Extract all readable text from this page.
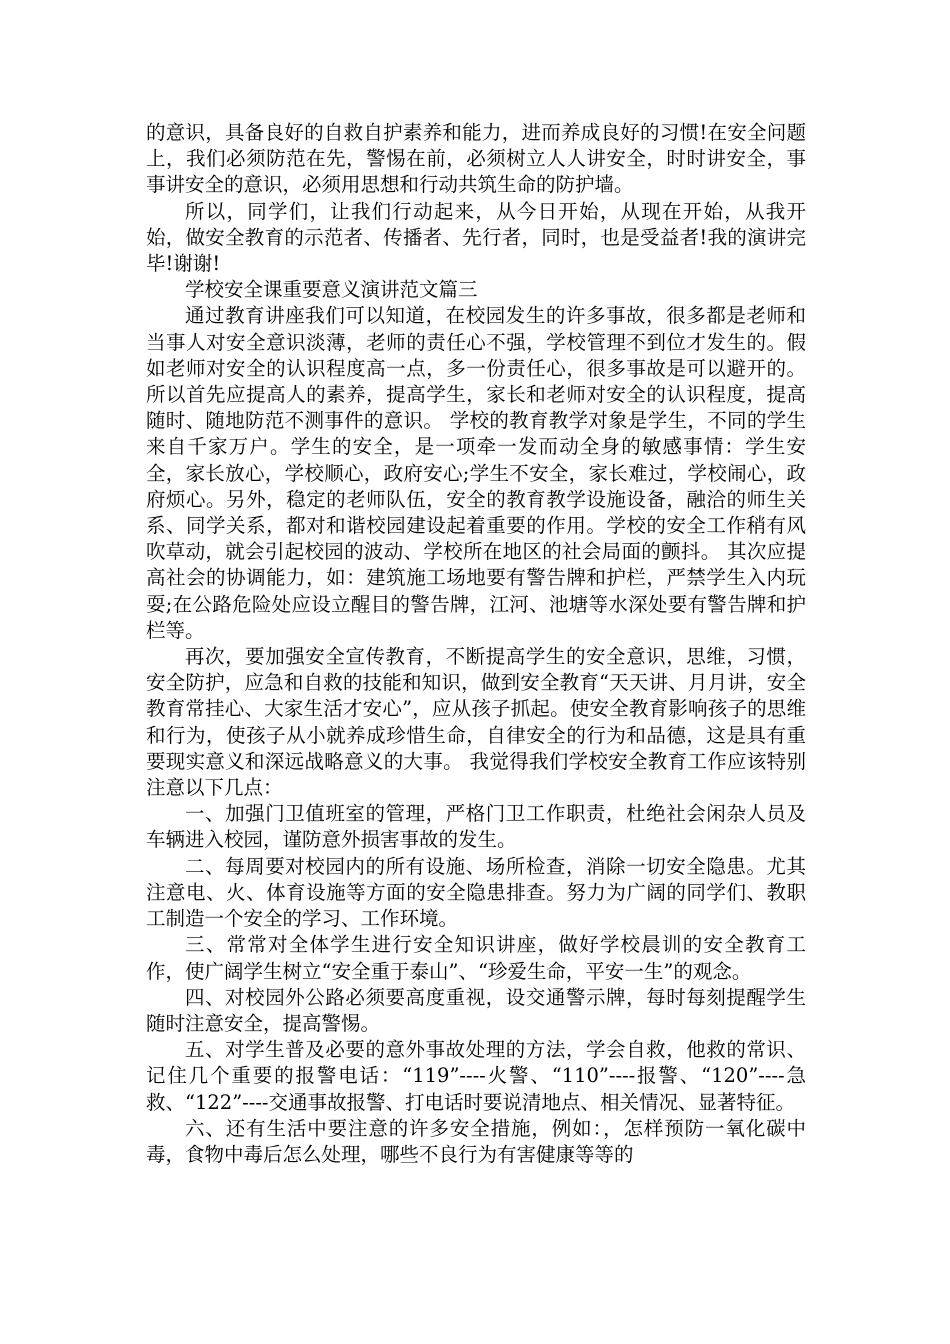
的意识，具备良好的自救自护素养和能力，进而养成良好的习惯!在安全问题上，我们必须防范在先，警惕在前，必须树立人人讲安全，时时讲安全，事事讲安全的意识，必须用思想和行动共筑生命的防护墙。

所以，同学们，让我们行动起来，从今日开始，从现在开始，从我开始，做安全教育的示范者、传播者、先行者，同时，也是受益者!我的演讲完毕!谢谢!

学校安全课重要意义演讲范文篇三

通过教育讲座我们可以知道，在校园发生的许多事故，很多都是老师和当事人对安全意识淡薄，老师的责任心不强，学校管理不到位才发生的。假如老师对安全的认识程度高一点，多一份责任心，很多事故是可以避开的。所以首先应提高人的素养，提高学生，家长和老师对安全的认识程度，提高随时、随地防范不测事件的意识。 学校的教育教学对象是学生，不同的学生来自千家万户。学生的安全，是一项牵一发而动全身的敏感事情：学生安全，家长放心，学校顺心，政府安心;学生不安全，家长难过，学校闹心，政府烦心。另外，稳定的老师队伍，安全的教育教学设施设备，融洽的师生关系、同学关系，都对和谐校园建设起着重要的作用。学校的安全工作稍有风吹草动，就会引起校园的波动、学校所在地区的社会局面的颤抖。 其次应提高社会的协调能力，如：建筑施工场地要有警告牌和护栏，严禁学生入内玩耍;在公路危险处应设立醒目的警告牌，江河、池塘等水深处要有警告牌和护栏等。

再次，要加强安全宣传教育，不断提高学生的安全意识，思维，习惯，安全防护，应急和自救的技能和知识，做到安全教育“天天讲、月月讲，安全教育常挂心、大家生活才安心”，应从孩子抓起。使安全教育影响孩子的思维和行为，使孩子从小就养成珍惜生命，自律安全的行为和品德，这是具有重要现实意义和深远战略意义的大事。 我觉得我们学校安全教育工作应该特别注意以下几点：

一、加强门卫值班室的管理，严格门卫工作职责，杜绝社会闲杂人员及车辆进入校园，谨防意外损害事故的发生。

二、每周要对校园内的所有设施、场所检查，消除一切安全隐患。尤其注意电、火、体育设施等方面的安全隐患排查。努力为广阔的同学们、教职工制造一个安全的学习、工作环境。

三、常常对全体学生进行安全知识讲座，做好学校晨训的安全教育工作，使广阔学生树立“安全重于泰山”、“珍爱生命，平安一生”的观念。

四、对校园外公路必须要高度重视，设交通警示牌，每时每刻提醒学生随时注意安全，提高警惕。

五、对学生普及必要的意外事故处理的方法，学会自救，他救的常识、记住几个重要的报警电话：“119”----火警、“110”----报警、“120”----急救、“122”----交通事故报警、打电话时要说清地点、相关情况、显著特征。

六、还有生活中要注意的许多安全措施，例如：，怎样预防一氧化碳中毒，食物中毒后怎么处理，哪些不良行为有害健康等等的
